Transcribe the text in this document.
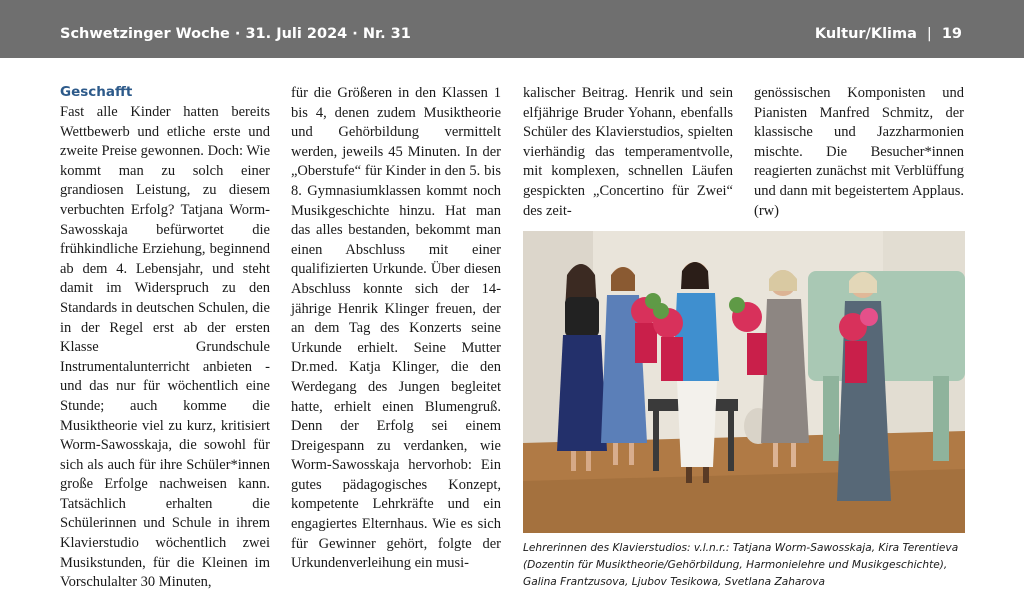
Schwetzinger Woche · 31. Juli 2024 · Nr. 31	Kultur/Klima | 19
Geschafft

Fast alle Kinder hatten bereits Wettbewerb und etliche erste und zweite Preise gewonnen. Doch: Wie kommt man zu solch einer grandiosen Leistung, zu diesem verbuchten Erfolg? Tatjana Worm-Sawosskaja befürwortet die frühkindliche Erziehung, beginnend ab dem 4. Lebensjahr, und steht damit im Widerspruch zu den Standards in deutschen Schulen, die in der Regel erst ab der ersten Klasse Grundschule Instrumentalunterricht anbieten - und das nur für wöchentlich eine Stunde; auch komme die Musiktheorie viel zu kurz, kritisiert Worm-Sawosskaja, die sowohl für sich als auch für ihre Schüler*innen große Erfolge nachweisen kann. Tatsächlich erhalten die Schülerinnen und Schule in ihrem Klavierstudio wöchentlich zwei Musikstunden, für die Kleinen im Vorschulalter 30 Minuten,

für die Größeren in den Klassen 1 bis 4, denen zudem Musiktheorie und Gehörbildung vermittelt werden, jeweils 45 Minuten. In der „Oberstufe“ für Kinder in den 5. bis 8. Gymnasiumklassen kommt noch Musikgeschichte hinzu. Hat man das alles bestanden, bekommt man einen Abschluss mit einer qualifizierten Urkunde. Über diesen Abschluss konnte sich der 14-jährige Henrik Klinger freuen, der an dem Tag des Konzerts seine Urkunde erhielt. Seine Mutter Dr.med. Katja Klinger, die den Werdegang des Jungen begleitet hatte, erhielt einen Blumengruß. Denn der Erfolg sei einem Dreigespann zu verdanken, wie Worm-Sawosskaja hervorhob: Ein gutes pädagogisches Konzept, kompetente Lehrkräfte und ein engagiertes Elternhaus. Wie es sich für Gewinner gehört, folgte der Urkundenverleihung ein musi-

kalischer Beitrag. Henrik und sein elfjährige Bruder Yohann, ebenfalls Schüler des Klavierstudios, spielten vierhändig das temperamentvolle, mit komplexen, schnellen Läufen gespickten „Concertino für Zwei“ des zeit-

genössischen Komponisten und Pianisten Manfred Schmitz, der klassische und Jazzharmonien mischte. Die Besucher*innen reagierten zunächst mit Verblüffung und dann mit begeistertem Applaus. (rw)

Lehrerinnen des Klavierstudios: v.l.n.r.: Tatjana Worm-Sawosskaja, Kira Terentieva (Dozentin für Musiktheorie/Gehörbildung, Harmonielehre und Musikgeschichte), Galina Frantzusova, Ljubov Tesikowa, Svetlana Zaharova
